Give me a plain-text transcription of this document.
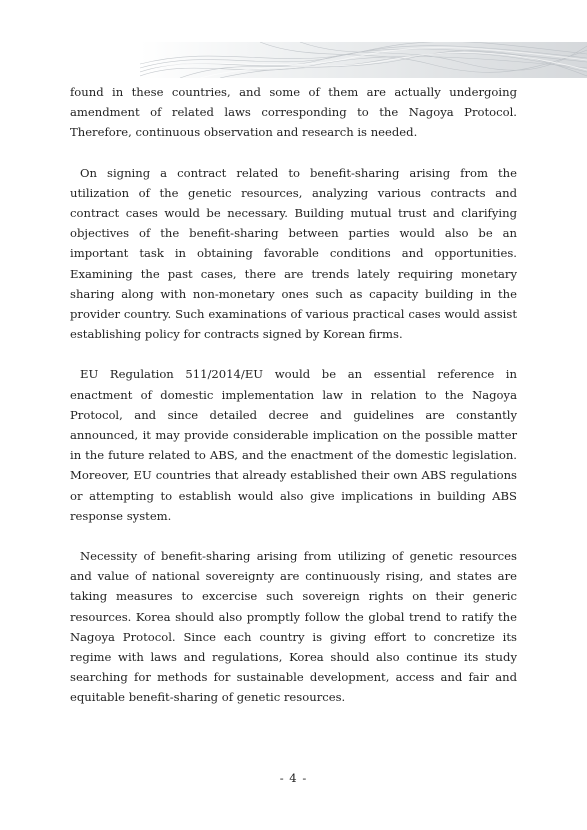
found in these countries, and some of them are actually undergoing amendment of related laws corresponding to the Nagoya Protocol. Therefore, continuous observation and research is needed.

On signing a contract related to benefit-sharing arising from the utilization of the genetic resources, analyzing various contracts and contract cases would be necessary. Building mutual trust and clarifying objectives of the benefit-sharing between parties would also be an important task in obtaining favorable conditions and opportunities. Examining the past cases, there are trends lately requiring monetary sharing along with non-monetary ones such as capacity building in the provider country. Such examinations of various practical cases would assist establishing policy for contracts signed by Korean firms.

EU Regulation 511/2014/EU would be an essential reference in enactment of domestic implementation law in relation to the Nagoya Protocol, and since detailed decree and guidelines are constantly announced, it may provide considerable implication on the possible matter in the future related to ABS, and the enactment of the domestic legislation. Moreover, EU countries that already established their own ABS regulations or attempting to establish would also give implications in building ABS response system.

Necessity of benefit-sharing arising from utilizing of genetic resources and value of national sovereignty are continuously rising, and states are taking measures to excercise such sovereign rights on their generic resources. Korea should also promptly follow the global trend to ratify the Nagoya Protocol. Since each country is giving effort to concretize its regime with laws and regulations, Korea should also continue its study searching for methods for sustainable development, access and fair and equitable benefit-sharing of genetic resources.

- 4 -
